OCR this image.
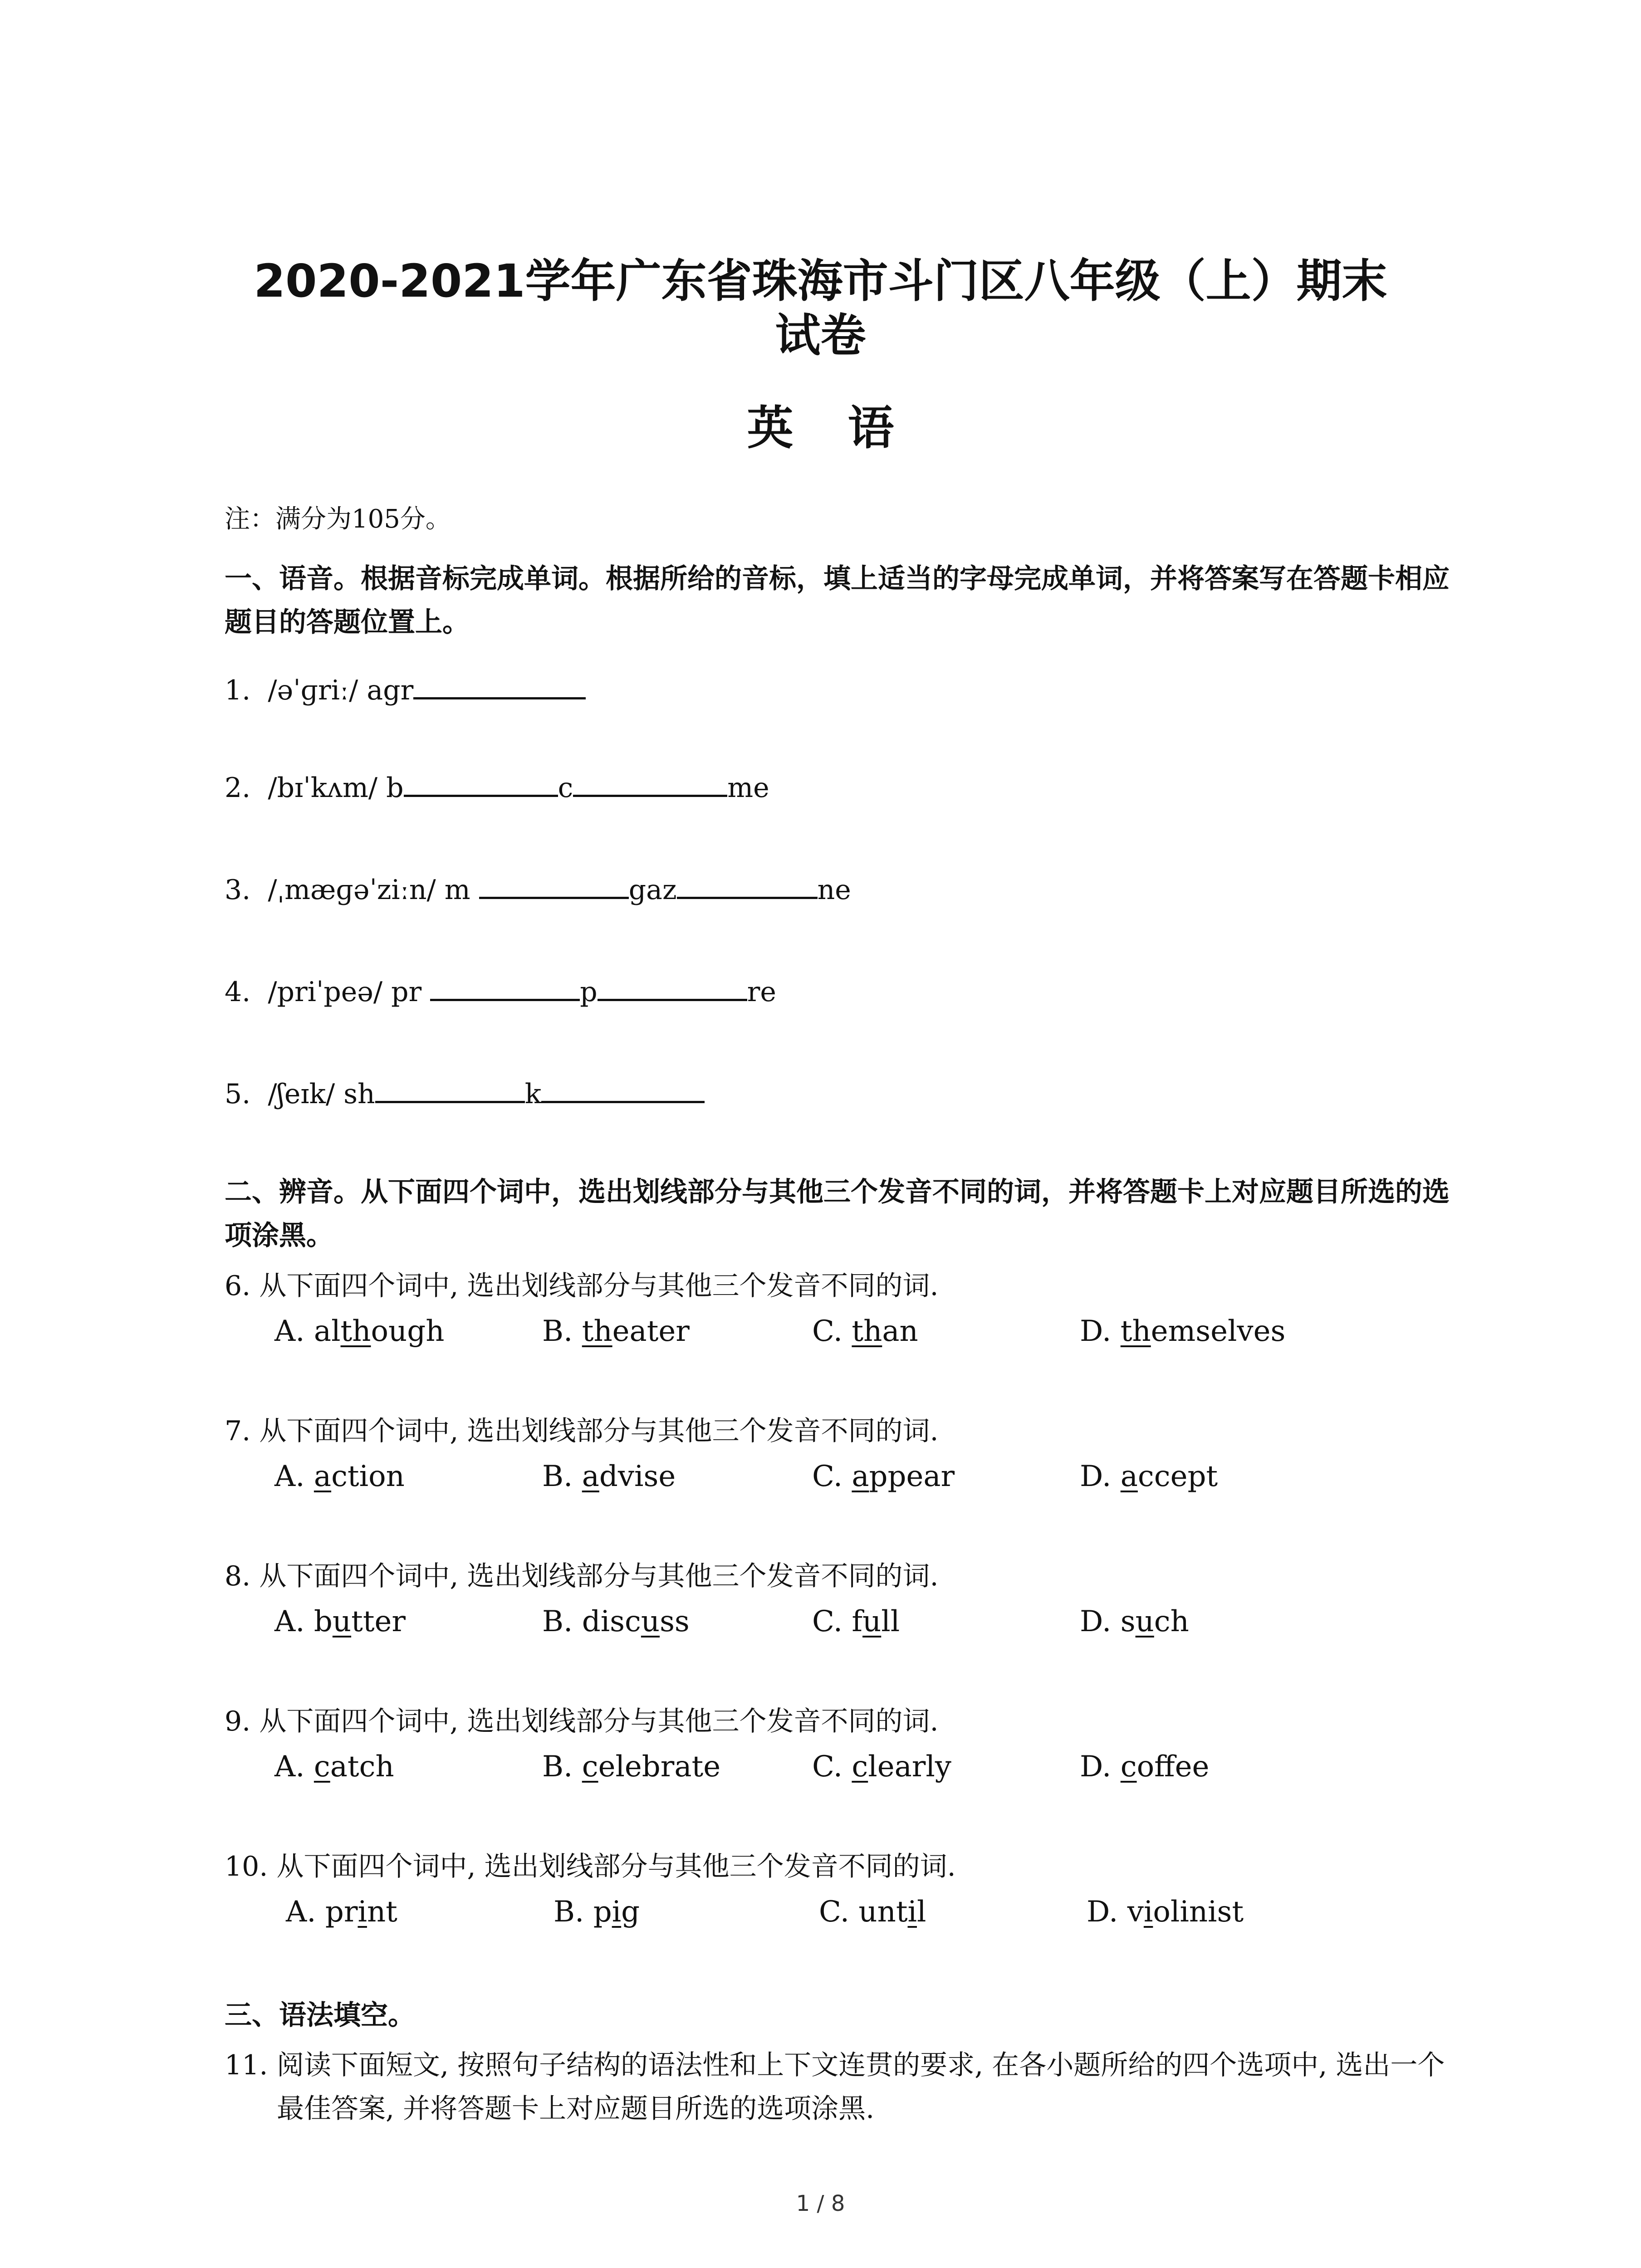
2020-2021学年广东省珠海市斗门区八年级（上）期末
试卷
英 语
注：满分为105分。
一、语音。根据音标完成单词。根据所给的音标，填上适当的字母完成单词，并将答案写在答题卡相应题目的答题位置上。
1. /əˈɡriː/ agr
2. /bɪˈkʌm/ b	c	me
3. /ˌmæɡəˈziːn/ m	gaz	ne
4. /priˈpeə/ pr	p	re
5. /ʃeɪk/ sh	k
二、辨音。从下面四个词中，选出划线部分与其他三个发音不同的词，并将答题卡上对应题目所选的选项涂黑。
6. 从下面四个词中, 选出划线部分与其他三个发音不同的词.
A. although	B. theater	C. than	D. themselves
7. 从下面四个词中, 选出划线部分与其他三个发音不同的词.
A. action	B. advise	C. appear	D. accept
8. 从下面四个词中, 选出划线部分与其他三个发音不同的词.
A. butter	B. discuss	C. full	D. such
9. 从下面四个词中, 选出划线部分与其他三个发音不同的词.
A. catch	B. celebrate	C. clearly	D. coffee
10. 从下面四个词中, 选出划线部分与其他三个发音不同的词.
A. print	B. pig	C. until	D. violinist
三、语法填空。
11. 阅读下面短文, 按照句子结构的语法性和上下文连贯的要求, 在各小题所给的四个选项中, 选出一个最佳答案, 并将答题卡上对应题目所选的选项涂黑.
1 / 8
